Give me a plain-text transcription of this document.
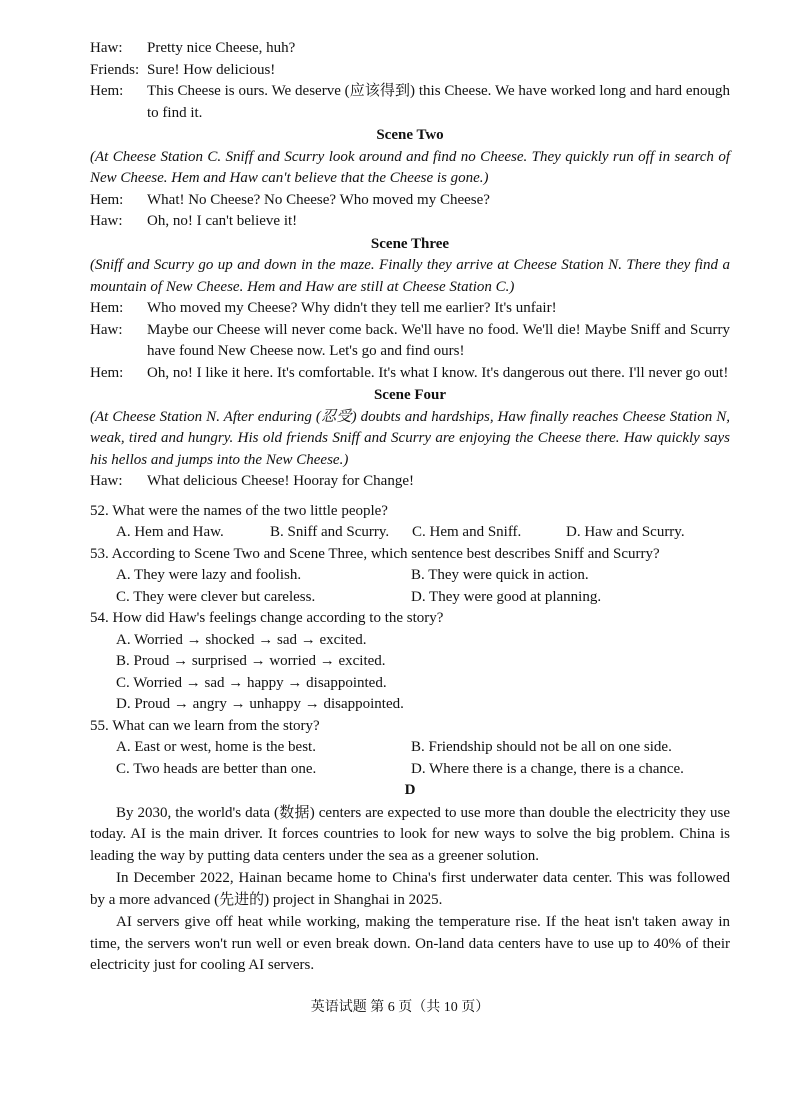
Haw:	Pretty nice Cheese, huh?
Friends: Sure! How delicious!
Hem:	This Cheese is ours. We deserve (应该得到) this Cheese. We have worked long and hard enough to find it.
Scene Two
(At Cheese Station C. Sniff and Scurry look around and find no Cheese. They quickly run off in search of New Cheese. Hem and Haw can't believe that the Cheese is gone.)
Hem:	What! No Cheese? No Cheese? Who moved my Cheese?
Haw:	Oh, no! I can't believe it!
Scene Three
(Sniff and Scurry go up and down in the maze. Finally they arrive at Cheese Station N. There they find a mountain of New Cheese. Hem and Haw are still at Cheese Station C.)
Hem:	Who moved my Cheese? Why didn't they tell me earlier? It's unfair!
Haw:	Maybe our Cheese will never come back. We'll have no food. We'll die! Maybe Sniff and Scurry have found New Cheese now. Let's go and find ours!
Hem:	Oh, no! I like it here. It's comfortable. It's what I know. It's dangerous out there. I'll never go out!
Scene Four
(At Cheese Station N. After enduring (忍受) doubts and hardships, Haw finally reaches Cheese Station N, weak, tired and hungry. His old friends Sniff and Scurry are enjoying the Cheese there. Haw quickly says his hellos and jumps into the New Cheese.)
Haw:	What delicious Cheese! Hooray for Change!
52. What were the names of the two little people?
A. Hem and Haw.	B. Sniff and Scurry.	C. Hem and Sniff.	D. Haw and Scurry.
53. According to Scene Two and Scene Three, which sentence best describes Sniff and Scurry?
A. They were lazy and foolish.	B. They were quick in action.
C. They were clever but careless.	D. They were good at planning.
54. How did Haw's feelings change according to the story?
A. Worried → shocked → sad → excited.
B. Proud → surprised → worried → excited.
C. Worried → sad → happy → disappointed.
D. Proud → angry → unhappy → disappointed.
55. What can we learn from the story?
A. East or west, home is the best.	B. Friendship should not be all on one side.
C. Two heads are better than one.	D. Where there is a change, there is a chance.
D

By 2030, the world's data (数据) centers are expected to use more than double the electricity they use today. AI is the main driver. It forces countries to look for new ways to solve the big problem. China is leading the way by putting data centers under the sea as a greener solution.

In December 2022, Hainan became home to China's first underwater data center. This was followed by a more advanced (先进的) project in Shanghai in 2025.

AI servers give off heat while working, making the temperature rise. If the heat isn't taken away in time, the servers won't run well or even break down. On-land data centers have to use up to 40% of their electricity just for cooling AI servers.

英语试题 第 6 页（共 10 页）
